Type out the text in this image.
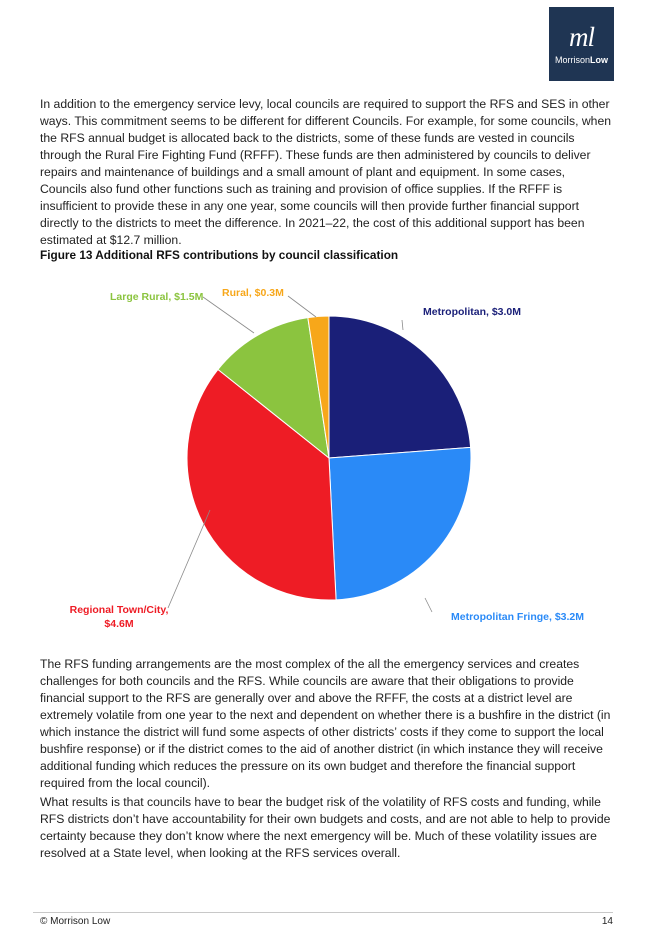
ml
MorrisonLow

In addition to the emergency service levy, local councils are required to support the RFS and SES in other ways. This commitment seems to be different for different Councils. For example, for some councils, when the RFS annual budget is allocated back to the districts, some of these funds are vested in councils through the Rural Fire Fighting Fund (RFFF). These funds are then administered by councils to deliver repairs and maintenance of buildings and a small amount of plant and equipment. In some cases, Councils also fund other functions such as training and provision of office supplies. If the RFFF is insufficient to provide these in any one year, some councils will then provide further financial support directly to the districts to meet the difference. In 2021–22, the cost of this additional support has been estimated at $12.7 million.

Figure 13 Additional RFS contributions by council classification

Metropolitan, $3.0M
Metropolitan Fringe, $3.2M
Regional Town/City, $4.6M
Large Rural, $1.5M Rural, $0.3M

The RFS funding arrangements are the most complex of the all the emergency services and creates challenges for both councils and the RFS. While councils are aware that their obligations to provide financial support to the RFS are generally over and above the RFFF, the costs at a district level are extremely volatile from one year to the next and dependent on whether there is a bushfire in the district (in which instance the district will fund some aspects of other districts’ costs if they come to support the local bushfire response) or if the district comes to the aid of another district (in which instance they will receive additional funding which reduces the pressure on its own budget and therefore the financial support required from the local council).

What results is that councils have to bear the budget risk of the volatility of RFS costs and funding, while RFS districts don’t have accountability for their own budgets and costs, and are not able to help to provide certainty because they don’t know where the next emergency will be. Much of these volatility issues are resolved at a State level, when looking at the RFS services overall.

© Morrison Low	14
